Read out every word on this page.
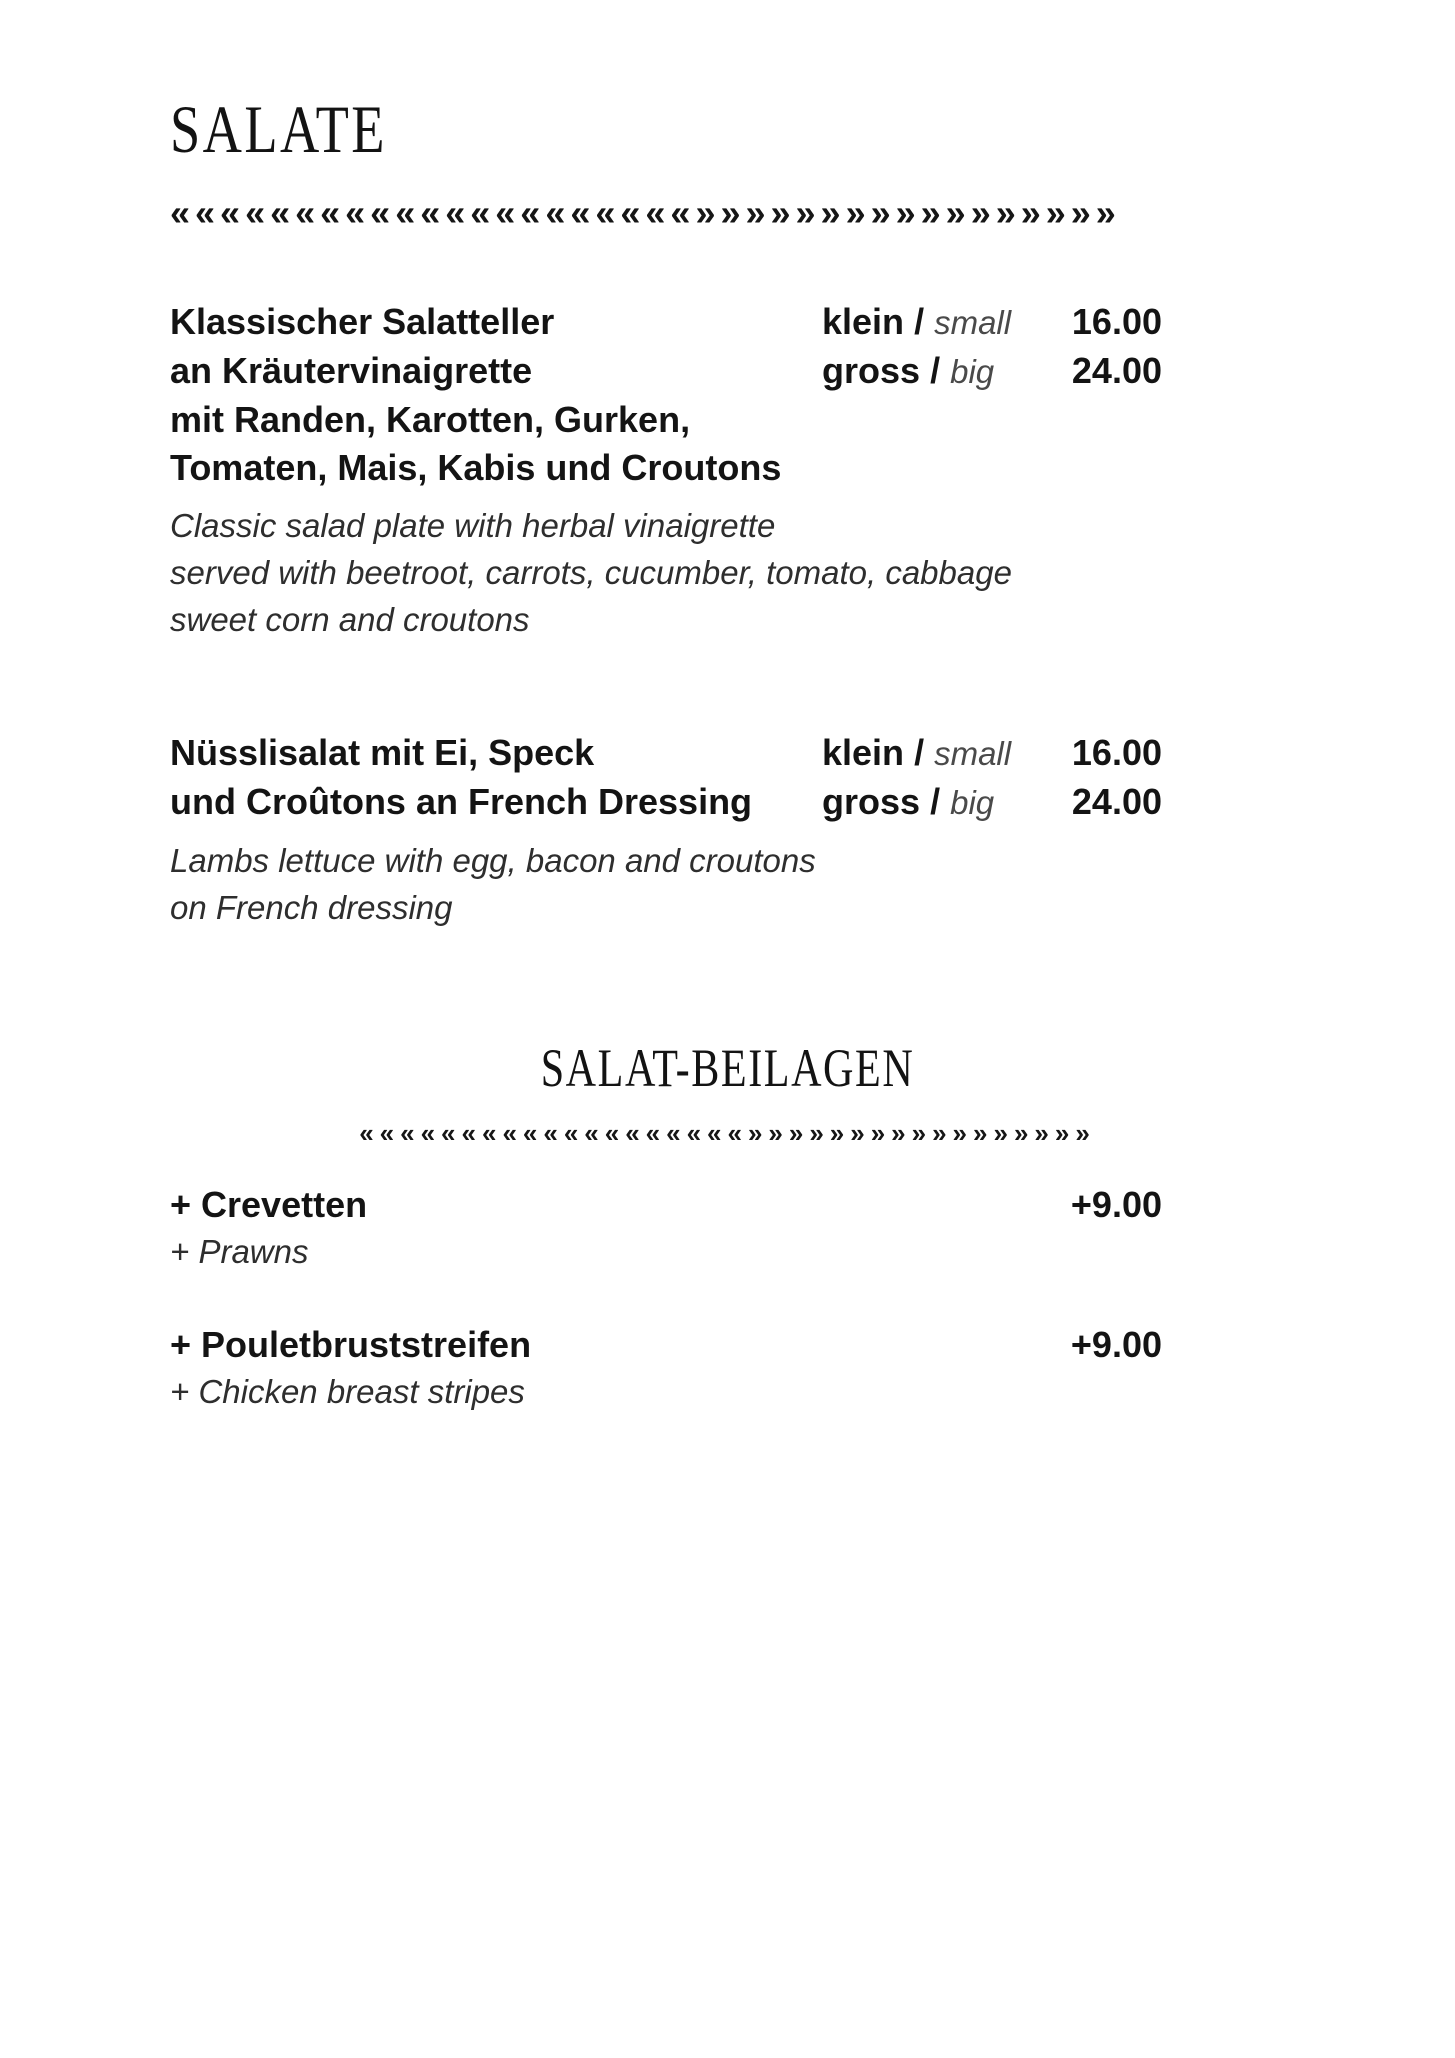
SALATE
«««««««««««««««««««««»»»»»»»»»»»»»»»»»
Klassischer Salatteller	klein / small	16.00
an Kräutervinaigrette	gross / big	24.00
mit Randen, Karotten, Gurken,
Tomaten, Mais, Kabis und Croutons
Classic salad plate with herbal vinaigrette
served with beetroot, carrots, cucumber, tomato, cabbage
sweet corn and croutons
Nüsslisalat mit Ei, Speck	klein / small	16.00
und Croûtons an French Dressing	gross / big	24.00
Lambs lettuce with egg, bacon and croutons
on French dressing
SALAT-BEILAGEN
«««««««««««««««««««»»»»»»»»»»»»»»»»»
+ Crevetten	+9.00
+ Prawns
+ Pouletbruststreifen	+9.00
+ Chicken breast stripes
